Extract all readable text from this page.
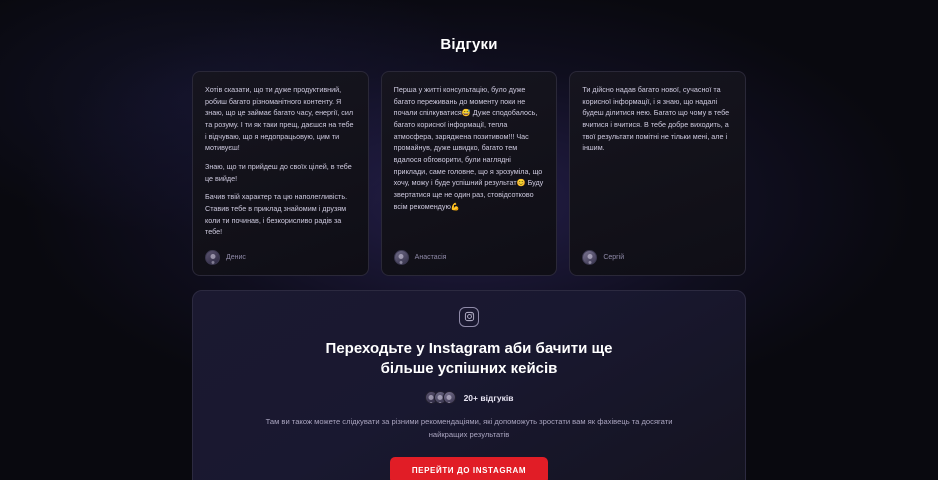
Відгуки

Хотів сказати, що ти дуже продуктивний, робиш багато різноманітного контенту. Я знаю, що це займає багато часу, енергії, сил та розуму. І ти як таки прещ, даєшся на тебе і відчуваю, що я недопрацьовую, цим ти мотивуєш!

Знаю, що ти прийдеш до своїх цілей, в тебе це вийде!

Бачив твій характер та цю наполегливість. Ставив тебе в приклад знайомим і друзям коли ти починав, і безкорисливо радів за тебе!

Денис

Перша у житті консультацію, було дуже багато переживань до моменту поки не почали спілкуватися😅 Дуже сподобалось, багато корисної інформації, тепла атмосфера, заряджена позитивом!!! Час промайнув, дуже швидко, багато тем вдалося обговорити, були наглядні приклади, саме головне, що я зрозуміла, що хочу, можу і буде успішний результат😊 Буду звертатися ще не один раз, стовідсотково всім рекомендую💪

Анастасія

Ти дійсно надав багато нової, сучасної та корисної інформації, і я знаю, що надалі будеш ділитися нею. Багато що чому в тебе вчитися і вчитися. В тебе добре виходить, а твої результати помітні не тільки мені, але і іншим.

Сергій
Переходьте у Instagram аби бачити ще більше успішних кейсів
20+ відгуків

Там ви також можете слідкувати за різними рекомендаціями, які допоможуть зростати вам як фахівець та досягати найкращих результатів

ПЕРЕЙТИ ДО INSTAGRAM
